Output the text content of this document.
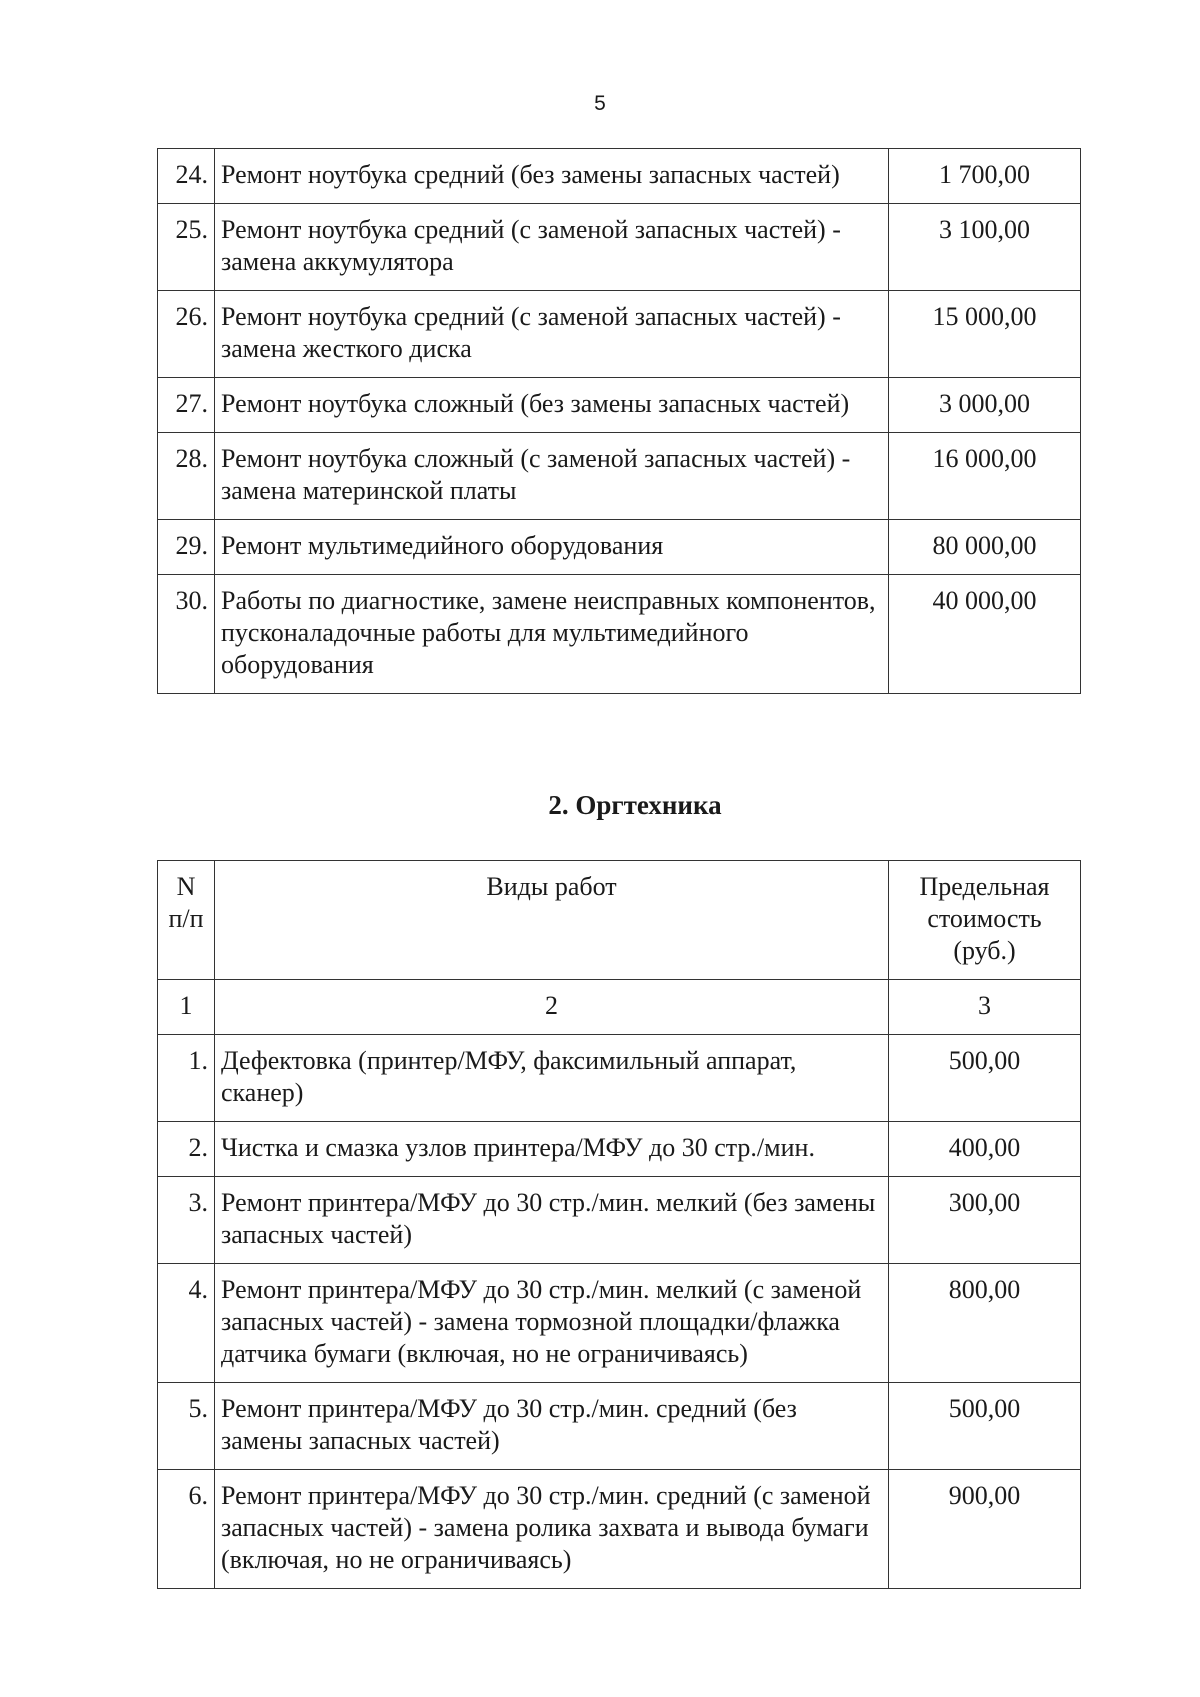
5
24.	Ремонт ноутбука средний (без замены запасных частей)	1 700,00
25.	Ремонт ноутбука средний (с заменой запасных частей) - замена аккумулятора	3 100,00
26.	Ремонт ноутбука средний (с заменой запасных частей) - замена жесткого диска	15 000,00
27.	Ремонт ноутбука сложный (без замены запасных частей)	3 000,00
28.	Ремонт ноутбука сложный (с заменой запасных частей) - замена материнской платы	16 000,00
29.	Ремонт мультимедийного оборудования	80 000,00
30.	Работы по диагностике, замене неисправных компонентов, пусконаладочные работы для мультимедийного оборудования	40 000,00
2. Оргтехника
N п/п	Виды работ	Предельная стоимость (руб.)
1	2	3
1.	Дефектовка (принтер/МФУ, факсимильный аппарат, сканер)	500,00
2.	Чистка и смазка узлов принтера/МФУ до 30 стр./мин.	400,00
3.	Ремонт принтера/МФУ до 30 стр./мин. мелкий (без замены запасных частей)	300,00
4.	Ремонт принтера/МФУ до 30 стр./мин. мелкий (с заменой запасных частей) - замена тормозной площадки/флажка датчика бумаги (включая, но не ограничиваясь)	800,00
5.	Ремонт принтера/МФУ до 30 стр./мин. средний (без замены запасных частей)	500,00
6.	Ремонт принтера/МФУ до 30 стр./мин. средний (с заменой запасных частей) - замена ролика захвата и вывода бумаги (включая, но не ограничиваясь)	900,00
